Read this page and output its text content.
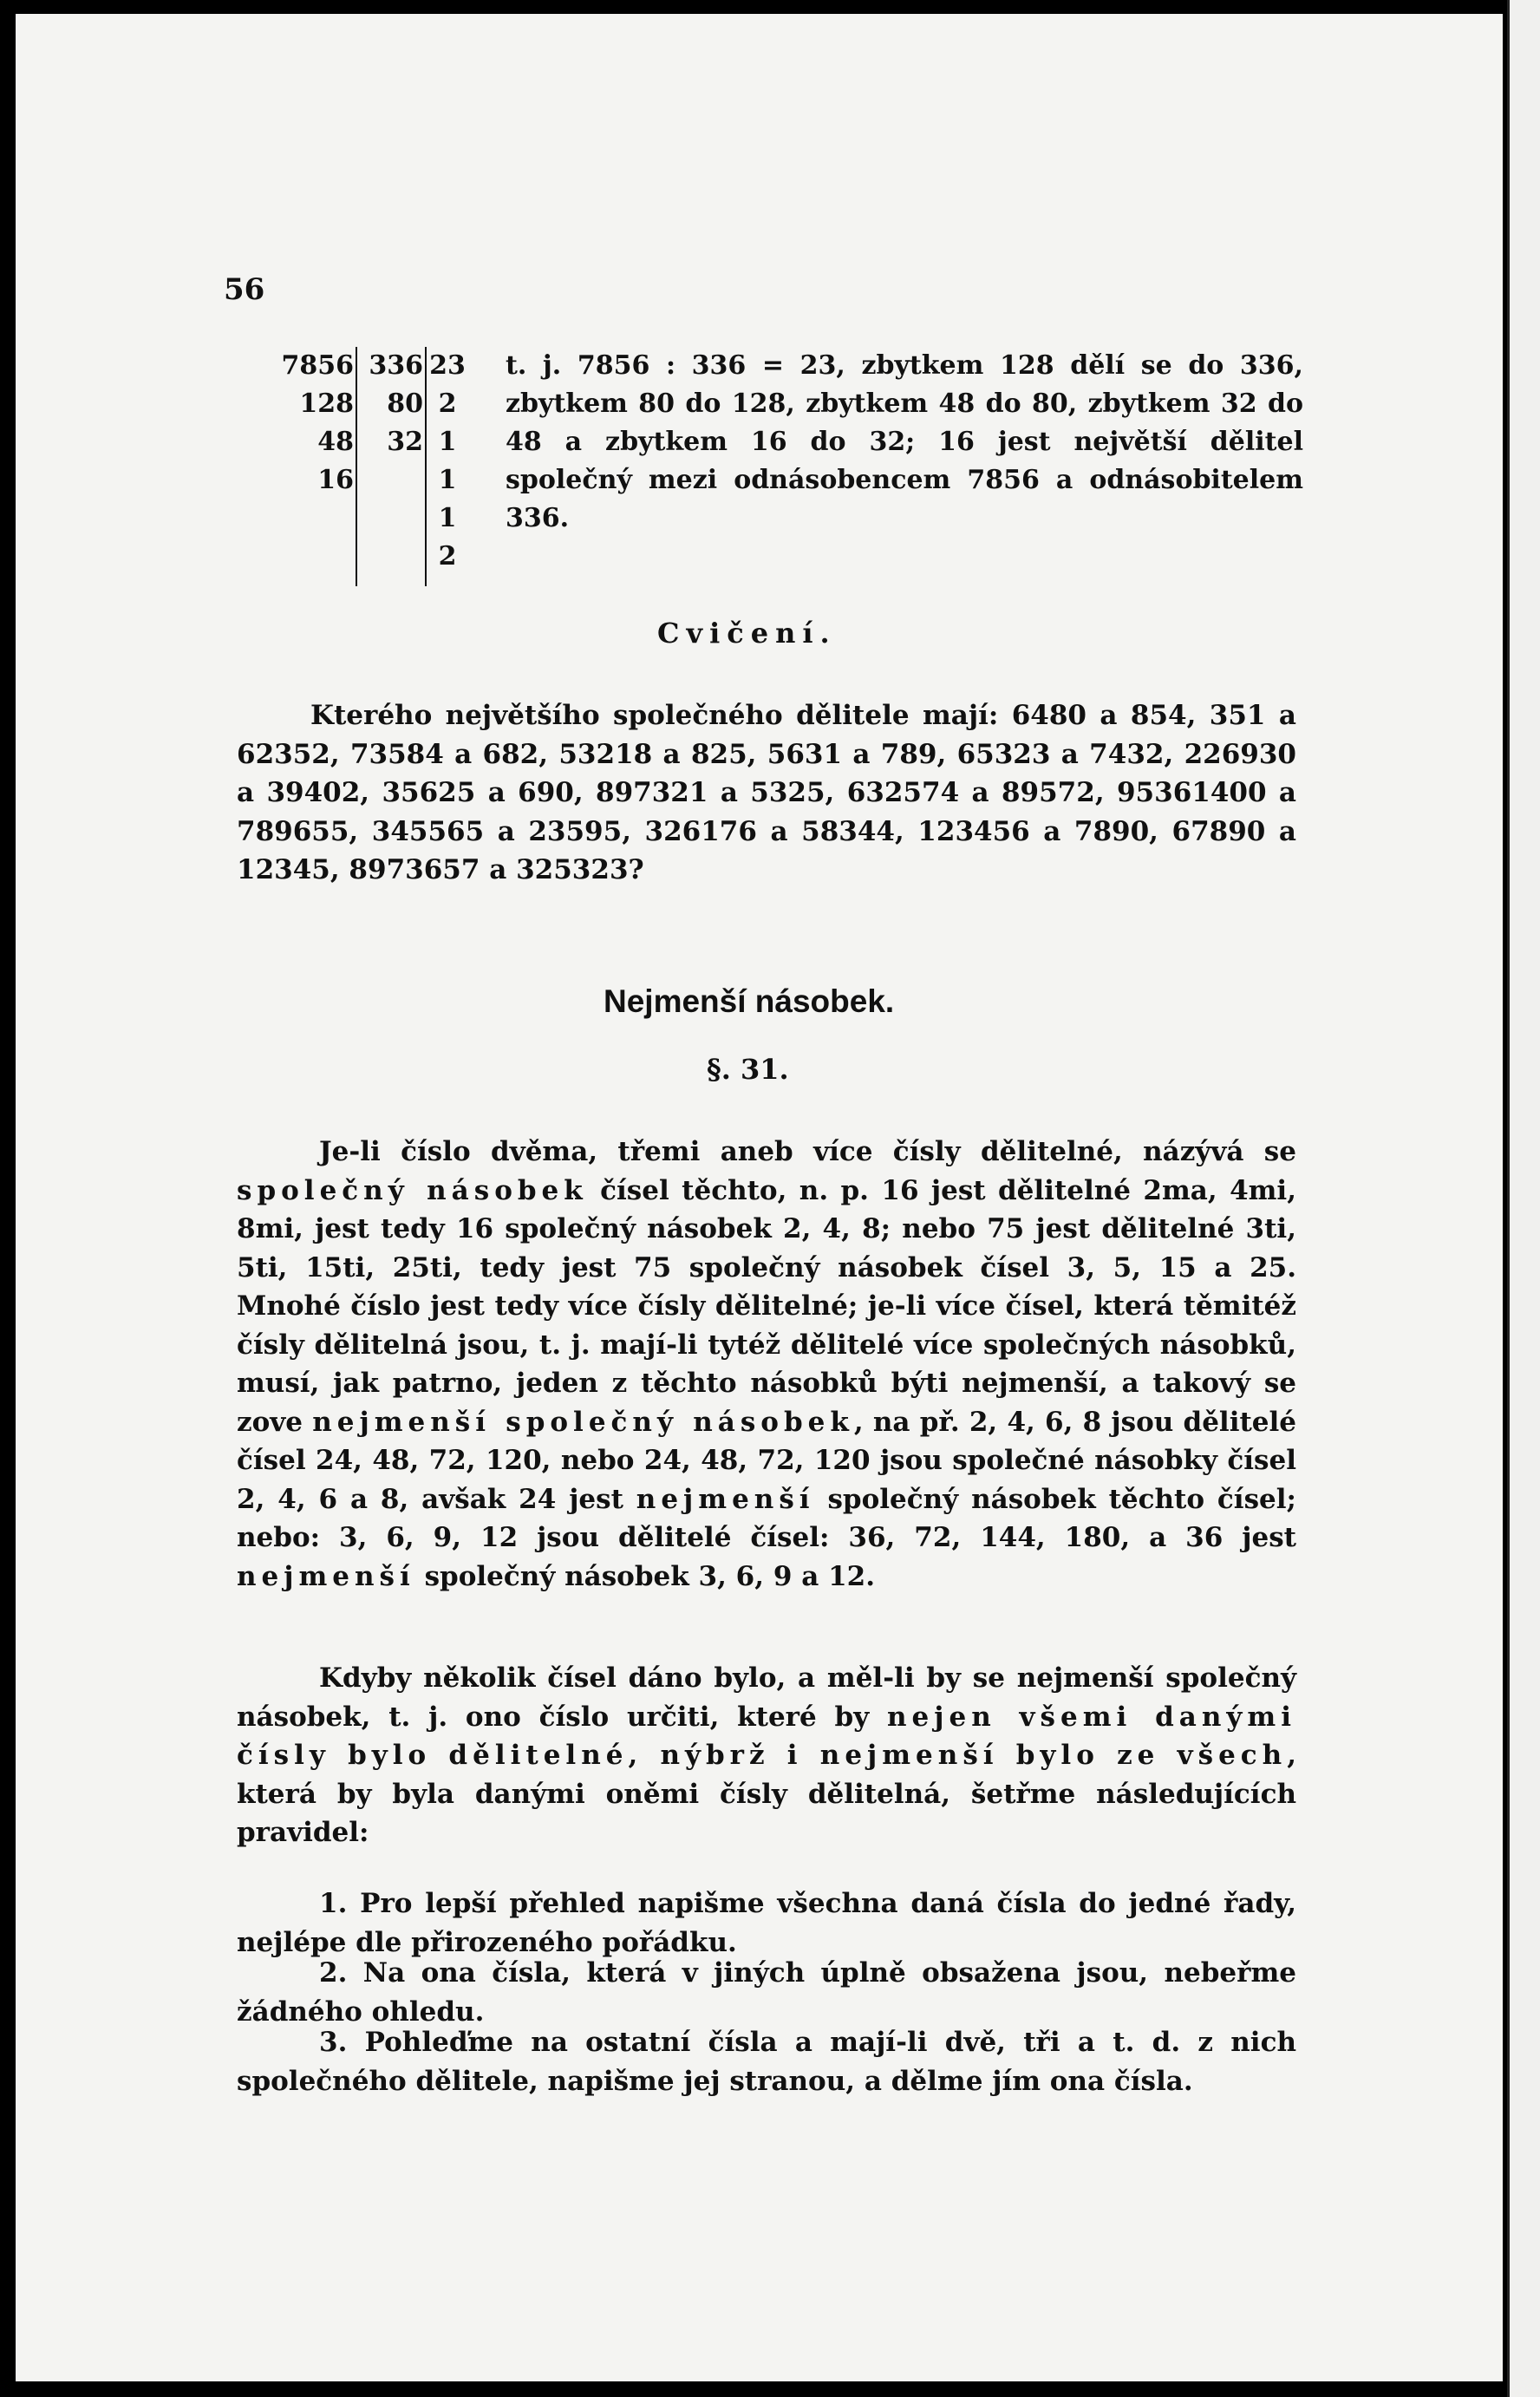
56
7856
128
48
16
336
80
32
23
2
1
1
1
2
t. j. 7856 : 336 = 23, zbytkem 128 dělí se do 336, zbytkem 80 do 128, zbytkem 48 do 80, zbytkem 32 do 48 a zbytkem 16 do 32; 16 jest největší dělitel společný mezi odnásobencem 7856 a odnásobitelem 336.
Cvičení.
Kterého největšího společného dělitele mají: 6480 a 854, 351 a 62352, 73584 a 682, 53218 a 825, 5631 a 789, 65323 a 7432, 226930 a 39402, 35625 a 690, 897321 a 5325, 632574 a 89572, 95361400 a 789655, 345565 a 23595, 326176 a 58344, 123456 a 7890, 67890 a 12345, 8973657 a 325323?
Nejmenší násobek.
§. 31.
Je-li číslo dvěma, třemi aneb více čísly dělitelné, názývá se společný násobek čísel těchto, n. p. 16 jest dělitelné 2ma, 4mi, 8mi, jest tedy 16 společný násobek 2, 4, 8; nebo 75 jest dělitelné 3ti, 5ti, 15ti, 25ti, tedy jest 75 společný násobek čísel 3, 5, 15 a 25. Mnohé číslo jest tedy více čísly dělitelné; je-li více čísel, která těmitéž čísly dělitelná jsou, t. j. mají-li tytéž dělitelé více společných násobků, musí, jak patrno, jeden z těchto násobků býti nejmenší, a takový se zove nejmenší společný násobek, na př. 2, 4, 6, 8 jsou dělitelé čísel 24, 48, 72, 120, nebo 24, 48, 72, 120 jsou společné násobky čísel 2, 4, 6 a 8, avšak 24 jest nejmenší společný násobek těchto čísel; nebo: 3, 6, 9, 12 jsou dělitelé čísel: 36, 72, 144, 180, a 36 jest nejmenší společný násobek 3, 6, 9 a 12.
Kdyby několik čísel dáno bylo, a měl-li by se nejmenší společný násobek, t. j. ono číslo určiti, které by nejen všemi danými čísly bylo dělitelné, nýbrž i nejmenší bylo ze všech, která by byla danými oněmi čísly dělitelná, šetřme následujících pravidel:
1. Pro lepší přehled napišme všechna daná čísla do jedné řady, nejlépe dle přirozeného pořádku.
2. Na ona čísla, která v jiných úplně obsažena jsou, nebeřme žádného ohledu.
3. Pohleďme na ostatní čísla a mají-li dvě, tři a t. d. z nich společného dělitele, napišme jej stranou, a dělme jím ona čísla.
